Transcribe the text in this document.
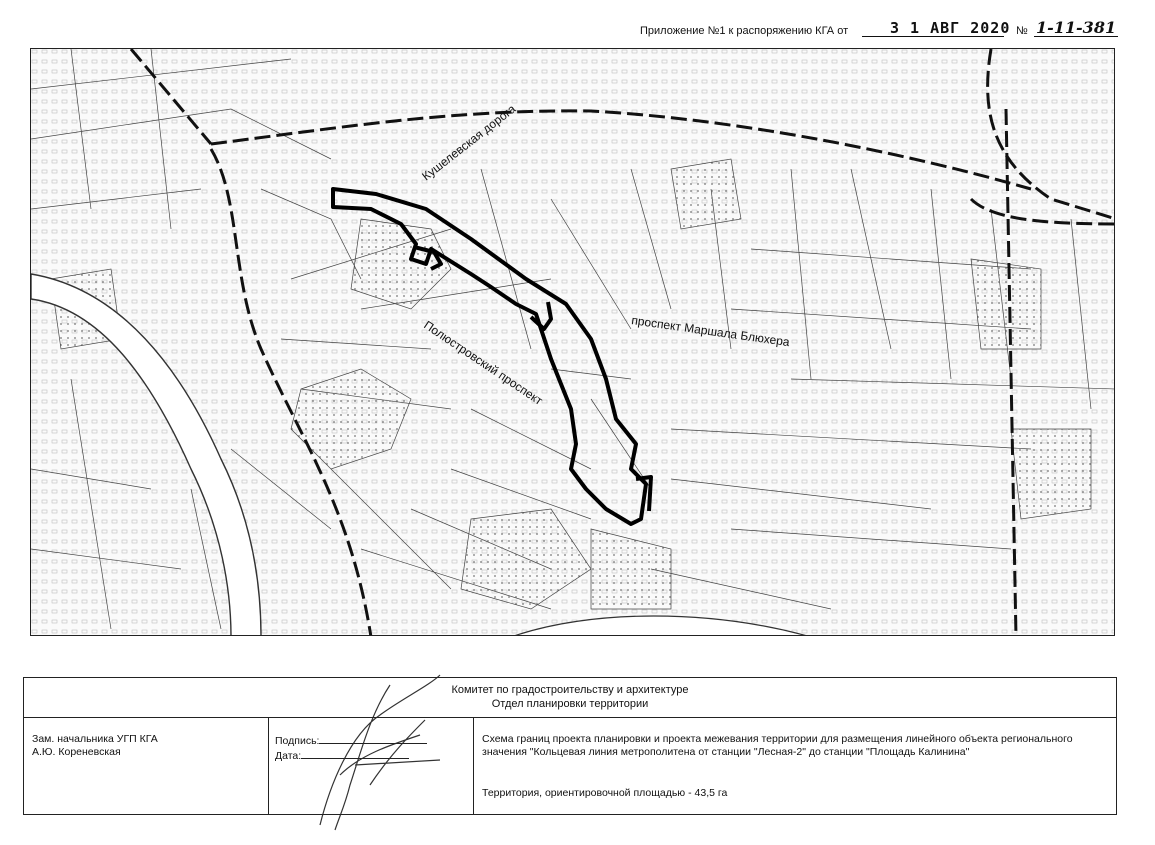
Приложение №1 к распоряжению КГА от	3 1 АВГ 2020 № 1-11-381
Кушелевская дорога
Полюстровский проспект	проспект Маршала Блюхера
Комитет по градостроительству и архитектуре
Отдел планировки территории
Зам. начальника УГП КГА
А.Ю. Кореневская
Подпись:
Дата:
Схема границ проекта планировки и проекта межевания территории для размещения линейного объекта регионального значения "Кольцевая линия метрополитена от станции "Лесная-2" до станции "Площадь Калинина"
Территория, ориентировочной площадью - 43,5 га
